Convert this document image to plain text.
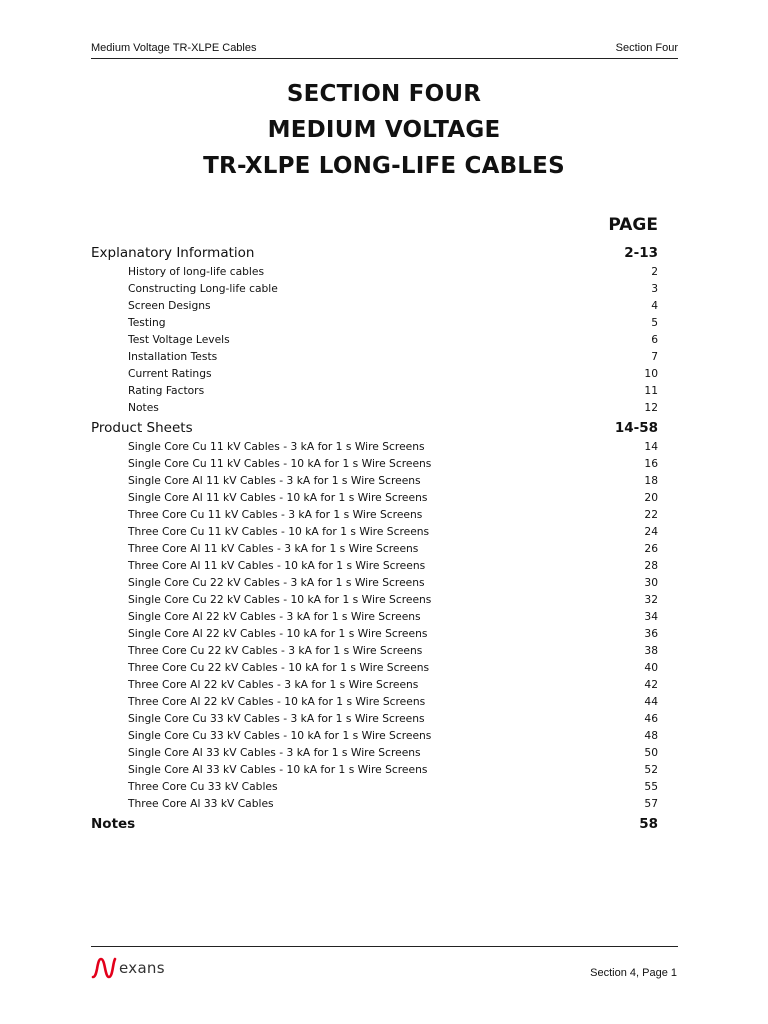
Medium Voltage TR-XLPE Cables	Section Four
SECTION FOUR
MEDIUM VOLTAGE
TR-XLPE LONG-LIFE CABLES
PAGE
Explanatory Information	2-13
History of long-life cables	2
Constructing Long-life cable	3
Screen Designs	4
Testing	5
Test Voltage Levels	6
Installation Tests	7
Current Ratings	10
Rating Factors	11
Notes	12
Product Sheets	14-58
Single Core Cu 11 kV Cables - 3 kA for 1 s Wire Screens	14
Single Core Cu 11 kV Cables - 10 kA for 1 s Wire Screens	16
Single Core Al 11 kV Cables - 3 kA for 1 s Wire Screens	18
Single Core Al 11 kV Cables - 10 kA for 1 s Wire Screens	20
Three Core Cu 11 kV Cables - 3 kA for 1 s Wire Screens	22
Three Core Cu 11 kV Cables - 10 kA for 1 s Wire Screens	24
Three Core Al 11 kV Cables - 3 kA for 1 s Wire Screens	26
Three Core Al 11 kV Cables - 10 kA for 1 s Wire Screens	28
Single Core Cu 22 kV Cables - 3 kA for 1 s Wire Screens	30
Single Core Cu 22 kV Cables - 10 kA for 1 s Wire Screens	32
Single Core Al 22 kV Cables - 3 kA for 1 s Wire Screens	34
Single Core Al 22 kV Cables - 10 kA for 1 s Wire Screens	36
Three Core Cu 22 kV Cables - 3 kA for 1 s Wire Screens	38
Three Core Cu 22 kV Cables - 10 kA for 1 s Wire Screens	40
Three Core Al 22 kV Cables - 3 kA for 1 s Wire Screens	42
Three Core Al 22 kV Cables - 10 kA for 1 s Wire Screens	44
Single Core Cu 33 kV Cables - 3 kA for 1 s Wire Screens	46
Single Core Cu 33 kV Cables - 10 kA for 1 s Wire Screens	48
Single Core Al 33 kV Cables - 3 kA for 1 s Wire Screens	50
Single Core Al 33 kV Cables - 10 kA for 1 s Wire Screens	52
Three Core Cu 33 kV Cables	55
Three Core Al 33 kV Cables	57
Notes	58
exans	Section 4, Page 1
